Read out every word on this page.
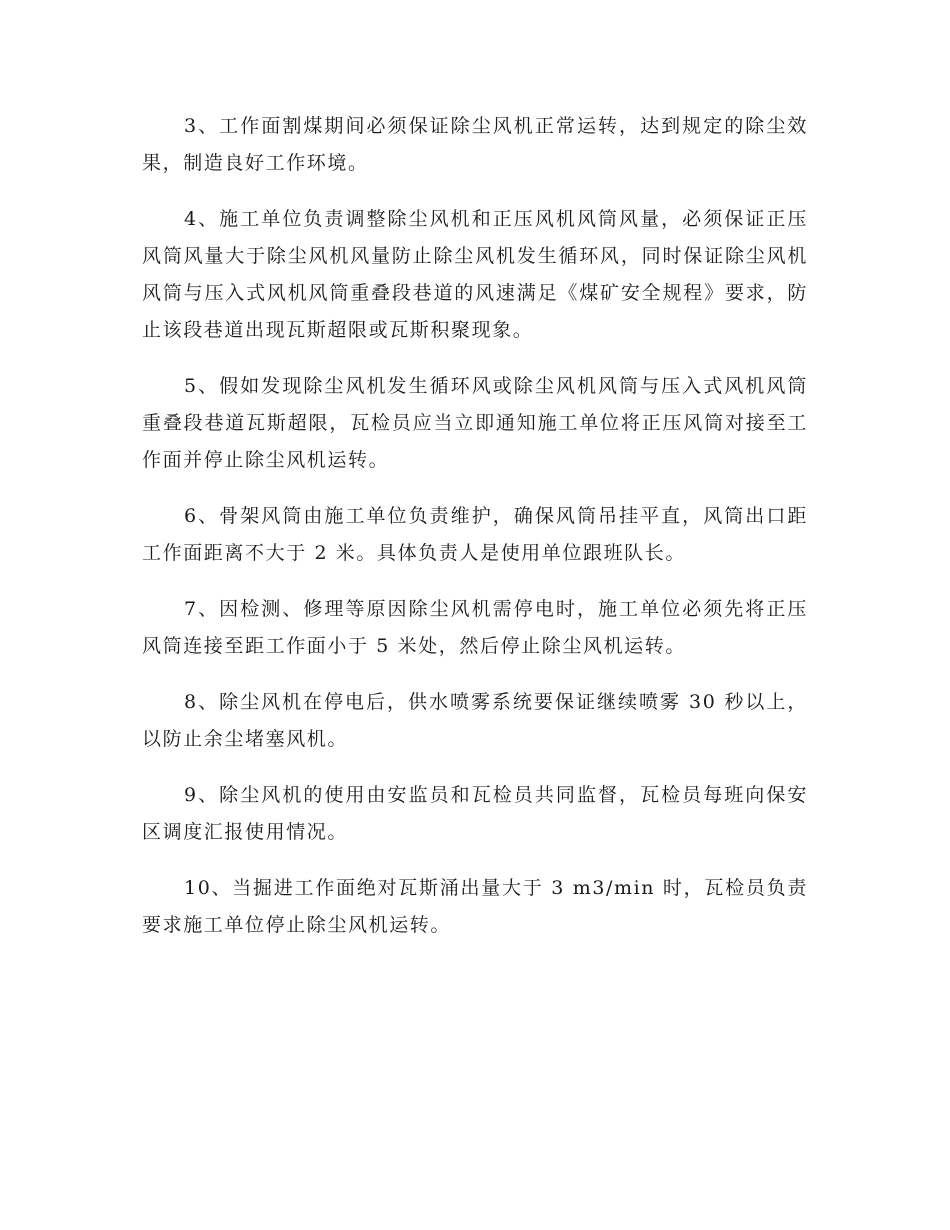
3、工作面割煤期间必须保证除尘风机正常运转，达到规定的除尘效果，制造良好工作环境。

4、施工单位负责调整除尘风机和正压风机风筒风量，必须保证正压风筒风量大于除尘风机风量防止除尘风机发生循环风，同时保证除尘风机风筒与压入式风机风筒重叠段巷道的风速满足《煤矿安全规程》要求，防止该段巷道出现瓦斯超限或瓦斯积聚现象。

5、假如发现除尘风机发生循环风或除尘风机风筒与压入式风机风筒重叠段巷道瓦斯超限，瓦检员应当立即通知施工单位将正压风筒对接至工作面并停止除尘风机运转。

6、骨架风筒由施工单位负责维护，确保风筒吊挂平直，风筒出口距工作面距离不大于 2 米。具体负责人是使用单位跟班队长。

7、因检测、修理等原因除尘风机需停电时，施工单位必须先将正压风筒连接至距工作面小于 5 米处，然后停止除尘风机运转。

8、除尘风机在停电后，供水喷雾系统要保证继续喷雾 30 秒以上，以防止余尘堵塞风机。

9、除尘风机的使用由安监员和瓦检员共同监督，瓦检员每班向保安区调度汇报使用情况。

10、当掘进工作面绝对瓦斯涌出量大于 3 m3/min 时，瓦检员负责要求施工单位停止除尘风机运转。
